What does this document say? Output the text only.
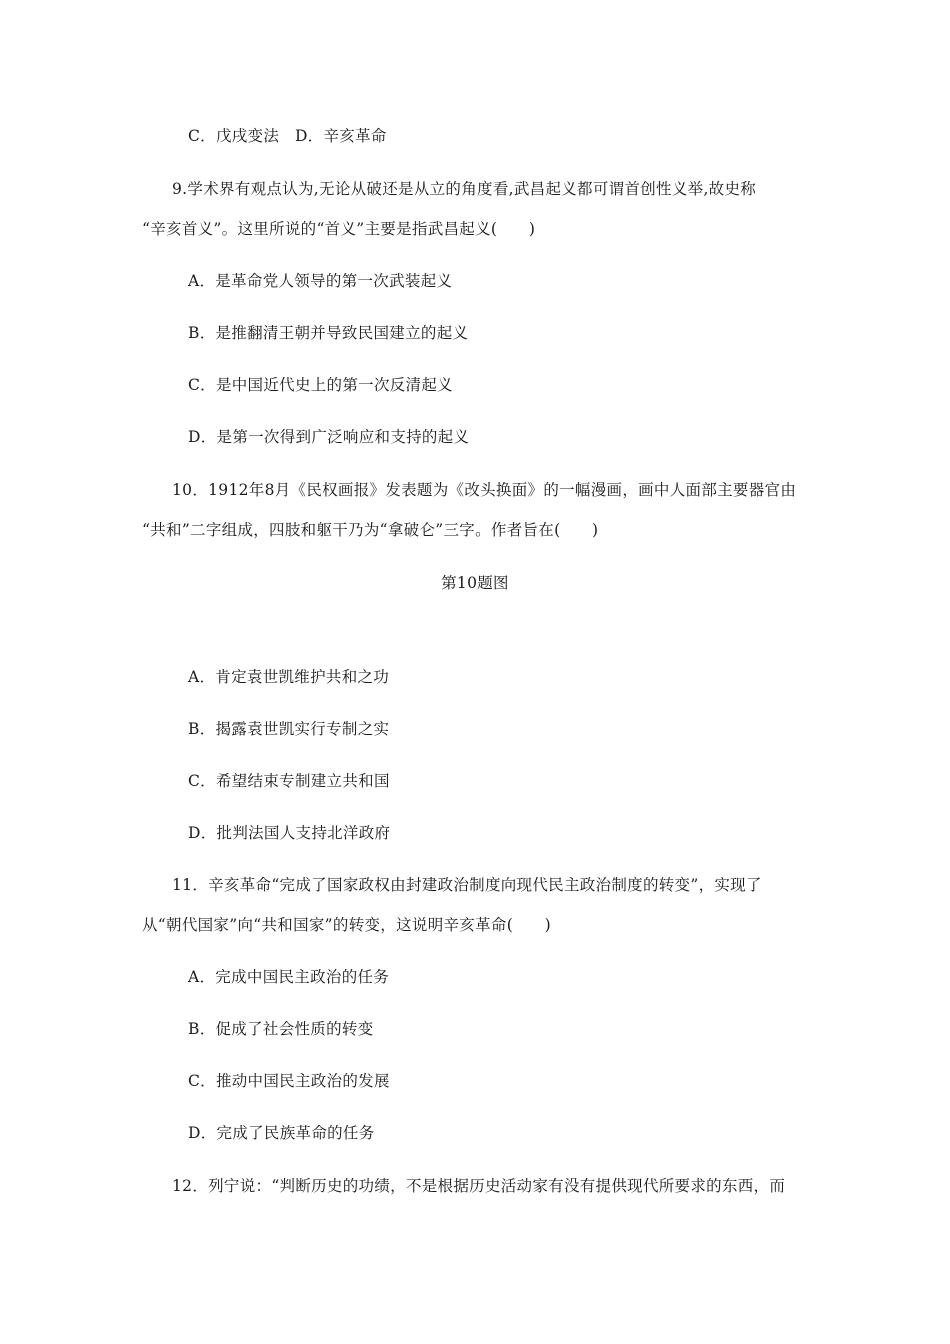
C．戊戌变法　D．辛亥革命
9.学术界有观点认为,无论从破还是从立的角度看,武昌起义都可谓首创性义举,故史称
“辛亥首义”。这里所说的“首义”主要是指武昌起义(　　)
A．是革命党人领导的第一次武装起义
B．是推翻清王朝并导致民国建立的起义
C．是中国近代史上的第一次反清起义
D．是第一次得到广泛响应和支持的起义
10．1912年8月《民权画报》发表题为《改头换面》的一幅漫画，画中人面部主要器官由
“共和”二字组成，四肢和躯干乃为“拿破仑”三字。作者旨在(　　)
第10题图
A．肯定袁世凯维护共和之功
B．揭露袁世凯实行专制之实
C．希望结束专制建立共和国
D．批判法国人支持北洋政府
11．辛亥革命“完成了国家政权由封建政治制度向现代民主政治制度的转变”，实现了
从“朝代国家”向“共和国家”的转变，这说明辛亥革命(　　)
A．完成中国民主政治的任务
B．促成了社会性质的转变
C．推动中国民主政治的发展
D．完成了民族革命的任务
12．列宁说：“判断历史的功绩，不是根据历史活动家有没有提供现代所要求的东西，而
